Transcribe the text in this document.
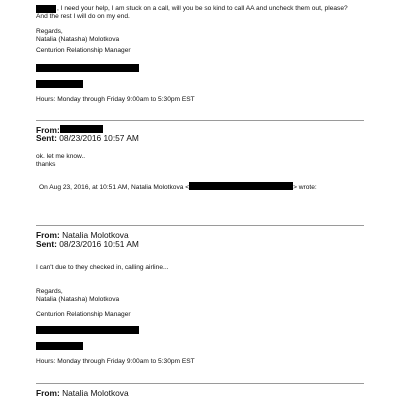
, I need your help, I am stuck on a call, will you be so kind to call AA and uncheck them out, please?
And the rest I will do on my end.
Regards,
Natalia (Natasha) Molotkova
Centurion Relationship Manager
Hours: Monday through Friday 9:00am to 5:30pm EST
From:
Sent: 08/23/2016 10:57 AM
ok. let me know..
thanks
On Aug 23, 2016, at 10:51 AM, Natalia Molotkova <	> wrote:
From: Natalia Molotkova
Sent: 08/23/2016 10:51 AM
I can't due to they checked in, calling airline...
Regards,
Natalia (Natasha) Molotkova
Centurion Relationship Manager
Hours: Monday through Friday 9:00am to 5:30pm EST
From: Natalia Molotkova
